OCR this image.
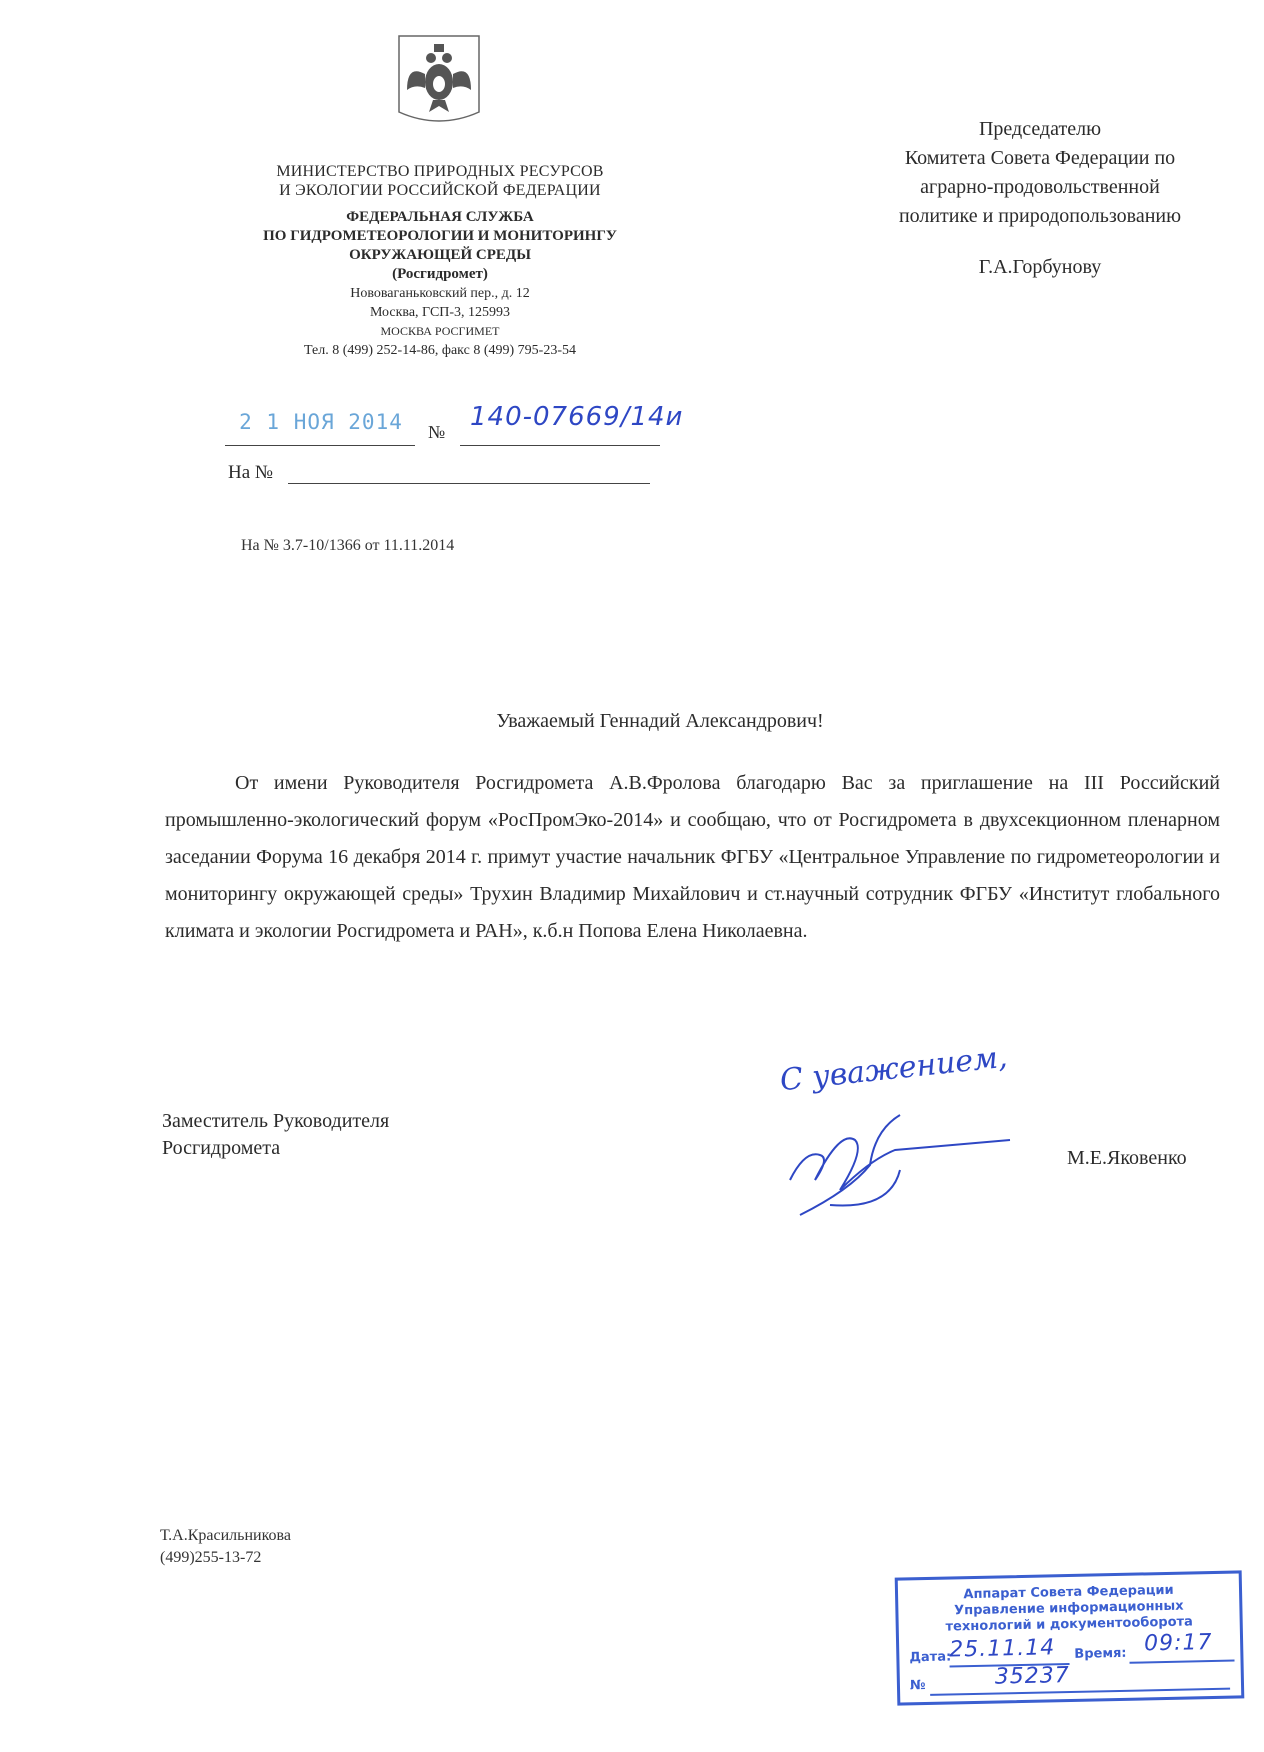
МИНИСТЕРСТВО ПРИРОДНЫХ РЕСУРСОВ
И ЭКОЛОГИИ РОССИЙСКОЙ ФЕДЕРАЦИИ
ФЕДЕРАЛЬНАЯ СЛУЖБА
ПО ГИДРОМЕТЕОРОЛОГИИ И МОНИТОРИНГУ
ОКРУЖАЮЩЕЙ СРЕДЫ
(Росгидромет)
Нововаганьковский пер., д. 12
Москва, ГСП-3, 125993
МОСКВА РОСГИМЕТ
Тел. 8 (499) 252-14-86, факс 8 (499) 795-23-54
Председателю
Комитета Совета Федерации по
аграрно-продовольственной
политике и природопользованию
Г.А.Горбунову
2 1 НОЯ 2014	№ 140-07669/14и
На №
На № 3.7-10/1366 от 11.11.2014
Уважаемый Геннадий Александрович!

От имени Руководителя Росгидромета А.В.Фролова благодарю Вас за приглашение на III Российский промышленно-экологический форум «РосПромЭко-2014» и сообщаю, что от Росгидромета в двухсекционном пленарном заседании Форума 16 декабря 2014 г. примут участие начальник ФГБУ «Центральное Управление по гидрометеорологии и мониторингу окружающей среды» Трухин Владимир Михайлович и ст.научный сотрудник ФГБУ «Институт глобального климата и экологии Росгидромета и РАН», к.б.н Попова Елена Николаевна.

Заместитель Руководителя
Росгидромета
С уважением,
М.Е.Яковенко
Т.А.Красильникова
(499)255-13-72
Аппарат Совета Федерации
Управление информационных
технологий и документооборота
Дата:
25.11.14 Время: 09:17
№	35237
